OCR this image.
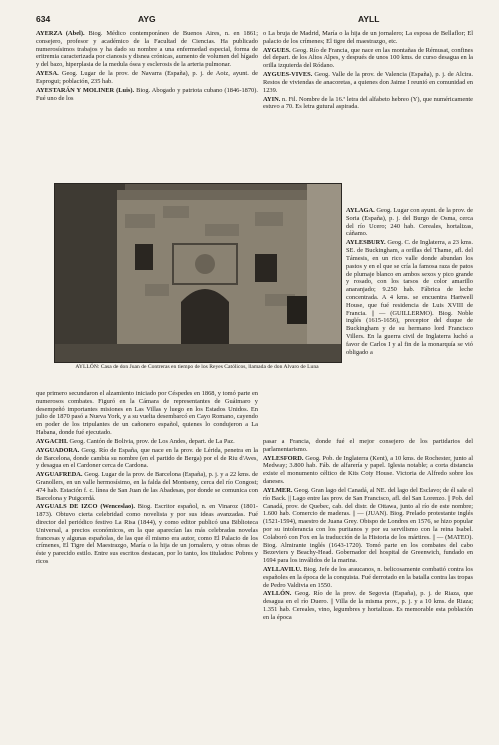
634	AYG	AYLL

AYERZA (Abel). Biog. Médico contemporáneo de Buenos Aires, n. en 1861; consejero, profesor y académico de la Facultad de Ciencias. Ha publicado numerosísimos trabajos y ha dado su nombre a una enfermedad especial, forma de eritremia caracterizada por cianosis y disnea crónicas, aumento de volumen del hígado y del bazo, hiperplasia de la medula ósea y esclerosis de la arteria pulmonar.

AYESA. Geog. Lugar de la prov. de Navarra (España), p. j. de Aoiz, ayunt. de Esprogui; población, 235 hab.

AYESTARÁN Y MOLINER (Luis). Biog. Abogado y patriota cubano (1846-1870). Fué uno de los

o La bruja de Madrid, María o la hija de un jornalero; La esposa de Bellaflor; El palacio de los crímenes; El tigre del maestrazgo, etc.

AYGUES. Geog. Río de Francia, que nace en las montañas de Rémusat, confines del depart. de los Altos Alpes, y después de unos 100 kms. de curso desagua en la orilla izquierda del Ródano.

AYGUES-VIVES. Geog. Valle de la prov. de Valencia (España), p. j. de Alcira. Restos de viviendas de anacoretas, a quienes don Jaime I reunió en comunidad en 1239.

AYIN. n. Fil. Nombre de la 16.ª letra del alfabeto hebreo (Y), que numéricamente estuvo a 70. Es letra gutural aspirada.

AYLLÓN: Casa de don Juan de Contreras en tiempo de los Reyes Católicos, llamada de don Alvaro de Luna

AYLAGA. Geog. Lugar con ayunt. de la prov. de Soria (España), p. j. del Burgo de Osma, cerca del río Ucero; 240 hab. Cereales, hortalizas, cáñamo.

AYLESBURY. Geog. C. de Inglaterra, a 23 kms. SE. de Buckingham, a orillas del Thame, afl. del Támesis, en un rico valle donde abundan los pastos y en el que se cría la famosa raza de patos de plumaje blanco en ambos sexos y pico grande y rosado, con los tarsos de color amarillo anaranjado; 9.250 hab. Fábrica de leche concentrada. A 4 kms. se encuentra Hartwell House, que fué residencia de Luis XVIII de Francia. || — (GUILLERMO). Biog. Noble inglés (1615-1656), preceptor del duque de Buckingham y de su hermano lord Francisco Villers. En la guerra civil de Inglaterra luchó a favor de Carlos I y al fin de la monarquía se vió obligado a

que primero secundaron el alzamiento iniciado por Céspedes en 1868, y tomó parte en numerosos combates. Figuró en la Cámara de representantes de Guáimaro y desempeñó importantes misiones en Las Villas y luego en los Estados Unidos. En julio de 1870 pasó a Nueva York, y a su vuelta desembarcó en Cayo Romano, cayendo en poder de los tripulantes de un cañonero español, quienes lo condujeron a La Habana, donde fué ejecutado.

AYGACHI. Geog. Cantón de Bolivia, prov. de Los Andes, depart. de La Paz.

AYGUADORA. Geog. Río de España, que nace en la prov. de Lérida, penetra en la de Barcelona, donde cambia su nombre (en el partido de Berga) por el de Riu d'Aves, y desagua en el Cardoner cerca de Cardona.

AYGUAFREDA. Geog. Lugar de la prov. de Barcelona (España), p. j. y a 22 kms. de Granollers, en un valle hermosísimo, en la falda del Montseny, cerca del río Congost; 474 hab. Estación f. c. línea de San Juan de las Abadesas, por donde se comunica con Barcelona y Puigcerdá.

AYGUALS DE IZCO (Wenceslao). Biog. Escritor español, n. en Vinaroz (1801-1873). Obtuvo cierta celebridad como novelista y por sus ideas avanzadas. Fué director del periódico festivo La Risa (1844), y como editor publicó una Biblioteca Universal, a precios económicos, en la que aparecían las más celebradas novelas francesas y algunas españolas, de las que él mismo era autor, como El Palacio de los crímenes, El Tigre del Maestrazgo, María o la hija de un jornalero, y otras obras de éste y parecido estilo. Entre sus escritos destacan, por lo tanto, los titulados: Pobres y ricos

pasar a Francia, donde fué el mejor consejero de los partidarios del parlamentarismo.

AYLESFORD. Geog. Pob. de Inglaterra (Kent), a 10 kms. de Rochester, junto al Medway; 3.800 hab. Fáb. de alfarería y papel. Iglesia notable; a corta distancia existe el monumento céltico de Kits Coty House. Victoria de Alfredo sobre los daneses.

AYLMER. Geog. Gran lago del Canadá, al NE. del lago del Esclavo; de él sale el río Back. || Lago entre las prov. de San Francisco, afl. del San Lorenzo. || Pob. del Canadá, prov. de Quebec, cab. del distr. de Ottawa, junto al río de este nombre; 1.600 hab. Comercio de maderas. || — (JUAN). Biog. Prelado protestante inglés (1521-1594), maestro de Juana Grey. Obispo de Londres en 1576, se hizo popular por su intolerancia con los puritanos y por su servilismo con la reina Isabel. Colaboró con Fox en la traducción de la Historia de los mártires. || — (MATEO). Biog. Almirante inglés (1643-1720). Tomó parte en los combates del cabo Bezeviers y Beachy-Head. Gobernador del hospital de Greenwich, fundado en 1694 para los inválidos de la marina.

AYLLAVILU. Biog. Jefe de los araucanos, n. belicosamente combatió contra los españoles en la época de la conquista. Fué derrotado en la batalla contra las tropas de Pedro Valdivia en 1550.

AYLLÓN. Geog. Río de la prov. de Segovia (España), p. j. de Riaza, que desagua en el río Duero. || Villa de la misma prov., p. j. y a 10 kms. de Riaza; 1.351 hab. Cereales, vino, legumbres y hortalizas. Es memorable esta población en la época
